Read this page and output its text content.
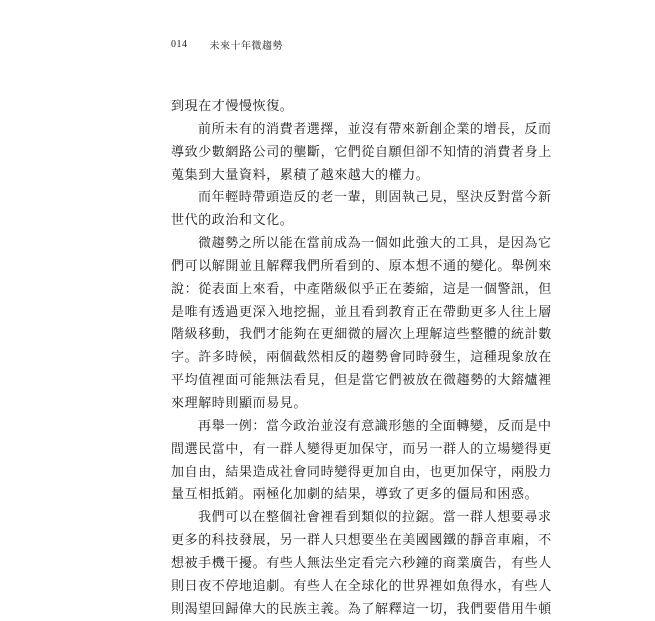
014 未來十年微趨勢
到現在才慢慢恢復。
前所未有的消費者選擇，並沒有帶來新創企業的增長，反而
導致少數網路公司的壟斷，它們從自願但卻不知情的消費者身上
蒐集到大量資料，累積了越來越大的權力。
而年輕時帶頭造反的老一輩，則固執己見，堅決反對當今新
世代的政治和文化。
微趨勢之所以能在當前成為一個如此強大的工具，是因為它
們可以解開並且解釋我們所看到的、原本想不通的變化。舉例來
說：從表面上來看，中產階級似乎正在萎縮，這是一個警訊，但
是唯有透過更深入地挖掘，並且看到教育正在帶動更多人往上層
階級移動，我們才能夠在更細微的層次上理解這些整體的統計數
字。許多時候，兩個截然相反的趨勢會同時發生，這種現象放在
平均值裡面可能無法看見，但是當它們被放在微趨勢的大鎔爐裡
來理解時則顯而易見。
再舉一例：當今政治並沒有意識形態的全面轉變，反而是中
間選民當中，有一群人變得更加保守，而另一群人的立場變得更
加自由，結果造成社會同時變得更加自由，也更加保守，兩股力
量互相抵銷。兩極化加劇的結果，導致了更多的僵局和困惑。
我們可以在整個社會裡看到類似的拉鋸。當一群人想要尋求
更多的科技發展，另一群人只想要坐在美國國鐵的靜音車廂，不
想被手機干擾。有些人無法坐定看完六秒鐘的商業廣告，有些人
則日夜不停地追劇。有些人在全球化的世界裡如魚得水，有些人
則渴望回歸偉大的民族主義。為了解釋這一切，我們要借用牛頓
